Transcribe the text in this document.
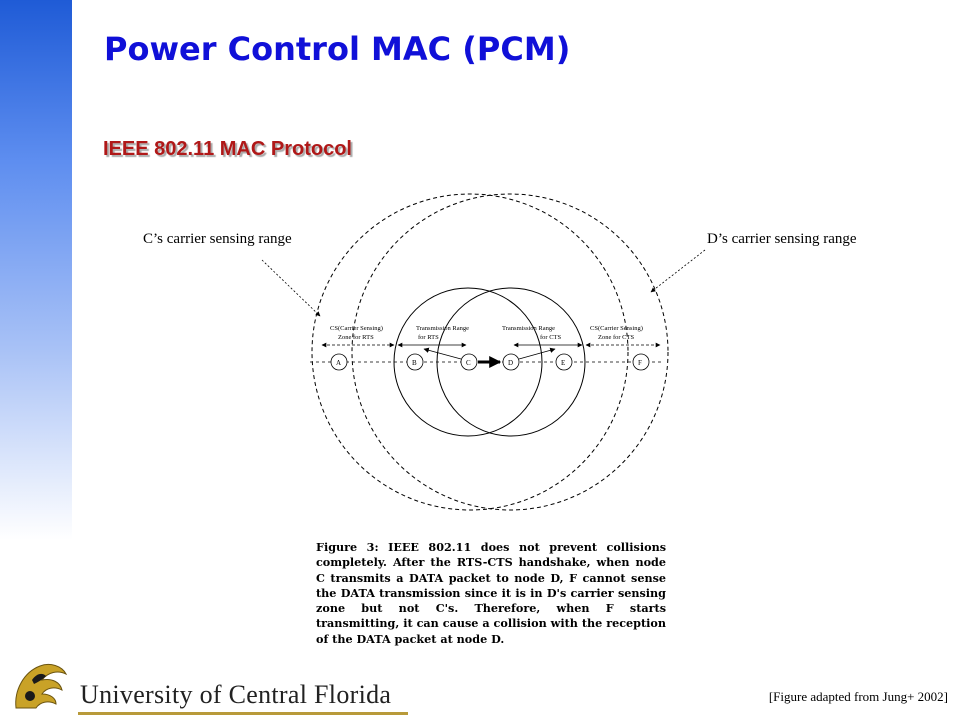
Power Control MAC (PCM)
IEEE 802.11 MAC Protocol
CS(Carrier Sensing)
Zone for RTS
Transmission Range
for RTS
Transmission Range
for CTS
CS(Carrier Sensing)
Zone for CTS
A	B	C	D	E	F
C’s carrier sensing range	D’s carrier sensing range

Figure 3: IEEE 802.11 does not prevent collisions completely. After the RTS-CTS handshake, when node C transmits a DATA packet to node D, F cannot sense the DATA transmission since it is in D's carrier sensing zone but not C's. Therefore, when F starts transmitting, it can cause a collision with the reception of the DATA packet at node D.

[Figure adapted from Jung+ 2002]
University of Central Florida
